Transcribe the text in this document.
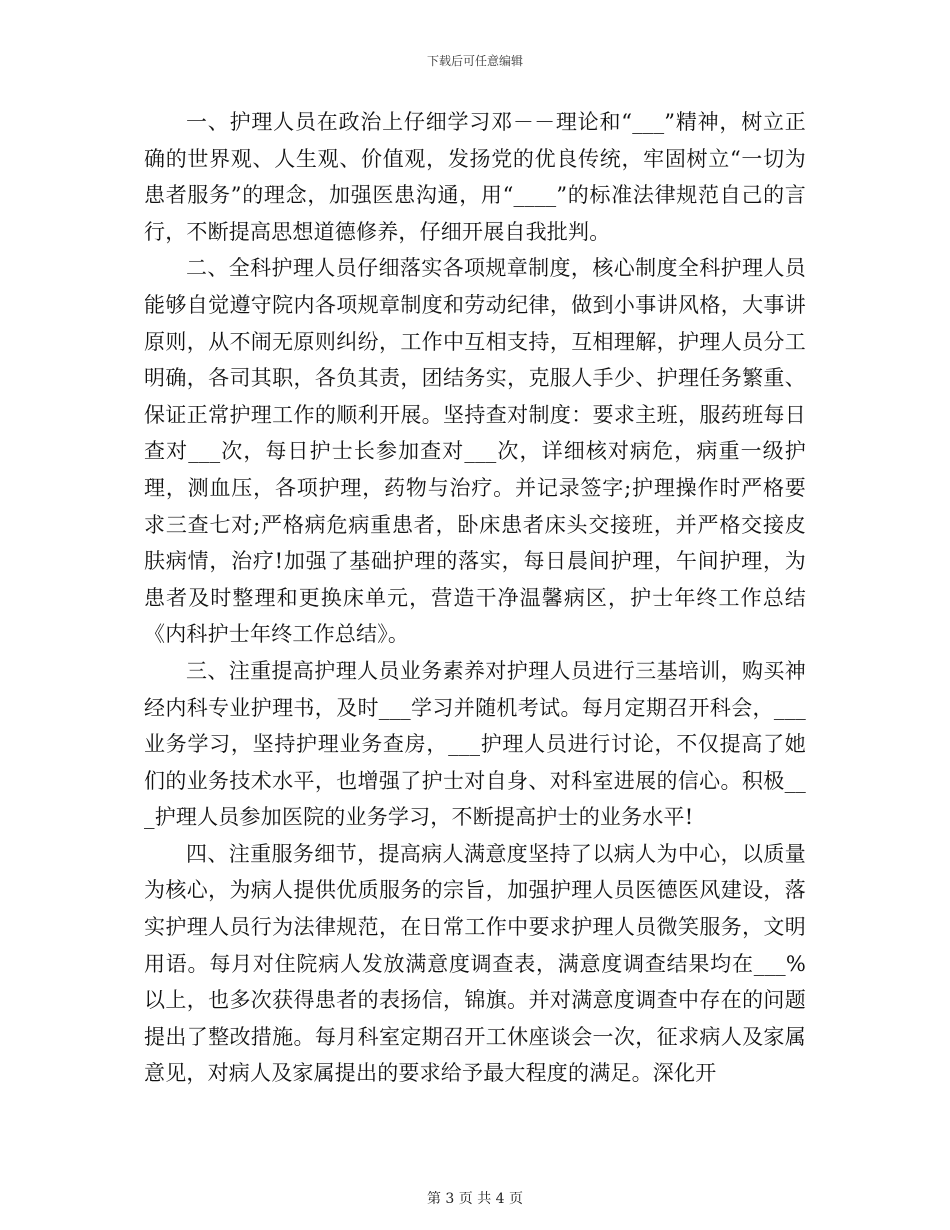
下载后可任意编辑

一、护理人员在政治上仔细学习邓－－理论和“___”精神，树立正确的世界观、人生观、价值观，发扬党的优良传统，牢固树立“一切为患者服务”的理念，加强医患沟通，用“____”的标准法律规范自己的言行，不断提高思想道德修养，仔细开展自我批判。

二、全科护理人员仔细落实各项规章制度，核心制度全科护理人员能够自觉遵守院内各项规章制度和劳动纪律，做到小事讲风格，大事讲原则，从不闹无原则纠纷，工作中互相支持，互相理解，护理人员分工明确，各司其职，各负其责，团结务实，克服人手少、护理任务繁重、保证正常护理工作的顺利开展。坚持查对制度：要求主班，服药班每日查对___次，每日护士长参加查对___次，详细核对病危，病重一级护理，测血压，各项护理，药物与治疗。并记录签字;护理操作时严格要求三查七对;严格病危病重患者，卧床患者床头交接班，并严格交接皮肤病情，治疗!加强了基础护理的落实，每日晨间护理，午间护理，为患者及时整理和更换床单元，营造干净温馨病区，护士年终工作总结《内科护士年终工作总结》。

三、注重提高护理人员业务素养对护理人员进行三基培训，购买神经内科专业护理书，及时___学习并随机考试。每月定期召开科会，___业务学习，坚持护理业务查房，___护理人员进行讨论，不仅提高了她们的业务技术水平，也增强了护士对自身、对科室进展的信心。积极___护理人员参加医院的业务学习，不断提高护士的业务水平!

四、注重服务细节，提高病人满意度坚持了以病人为中心，以质量为核心，为病人提供优质服务的宗旨，加强护理人员医德医风建设，落实护理人员行为法律规范，在日常工作中要求护理人员微笑服务，文明用语。每月对住院病人发放满意度调查表，满意度调查结果均在___%以上，也多次获得患者的表扬信，锦旗。并对满意度调查中存在的问题提出了整改措施。每月科室定期召开工休座谈会一次，征求病人及家属意见，对病人及家属提出的要求给予最大程度的满足。深化开

第 3 页 共 4 页
